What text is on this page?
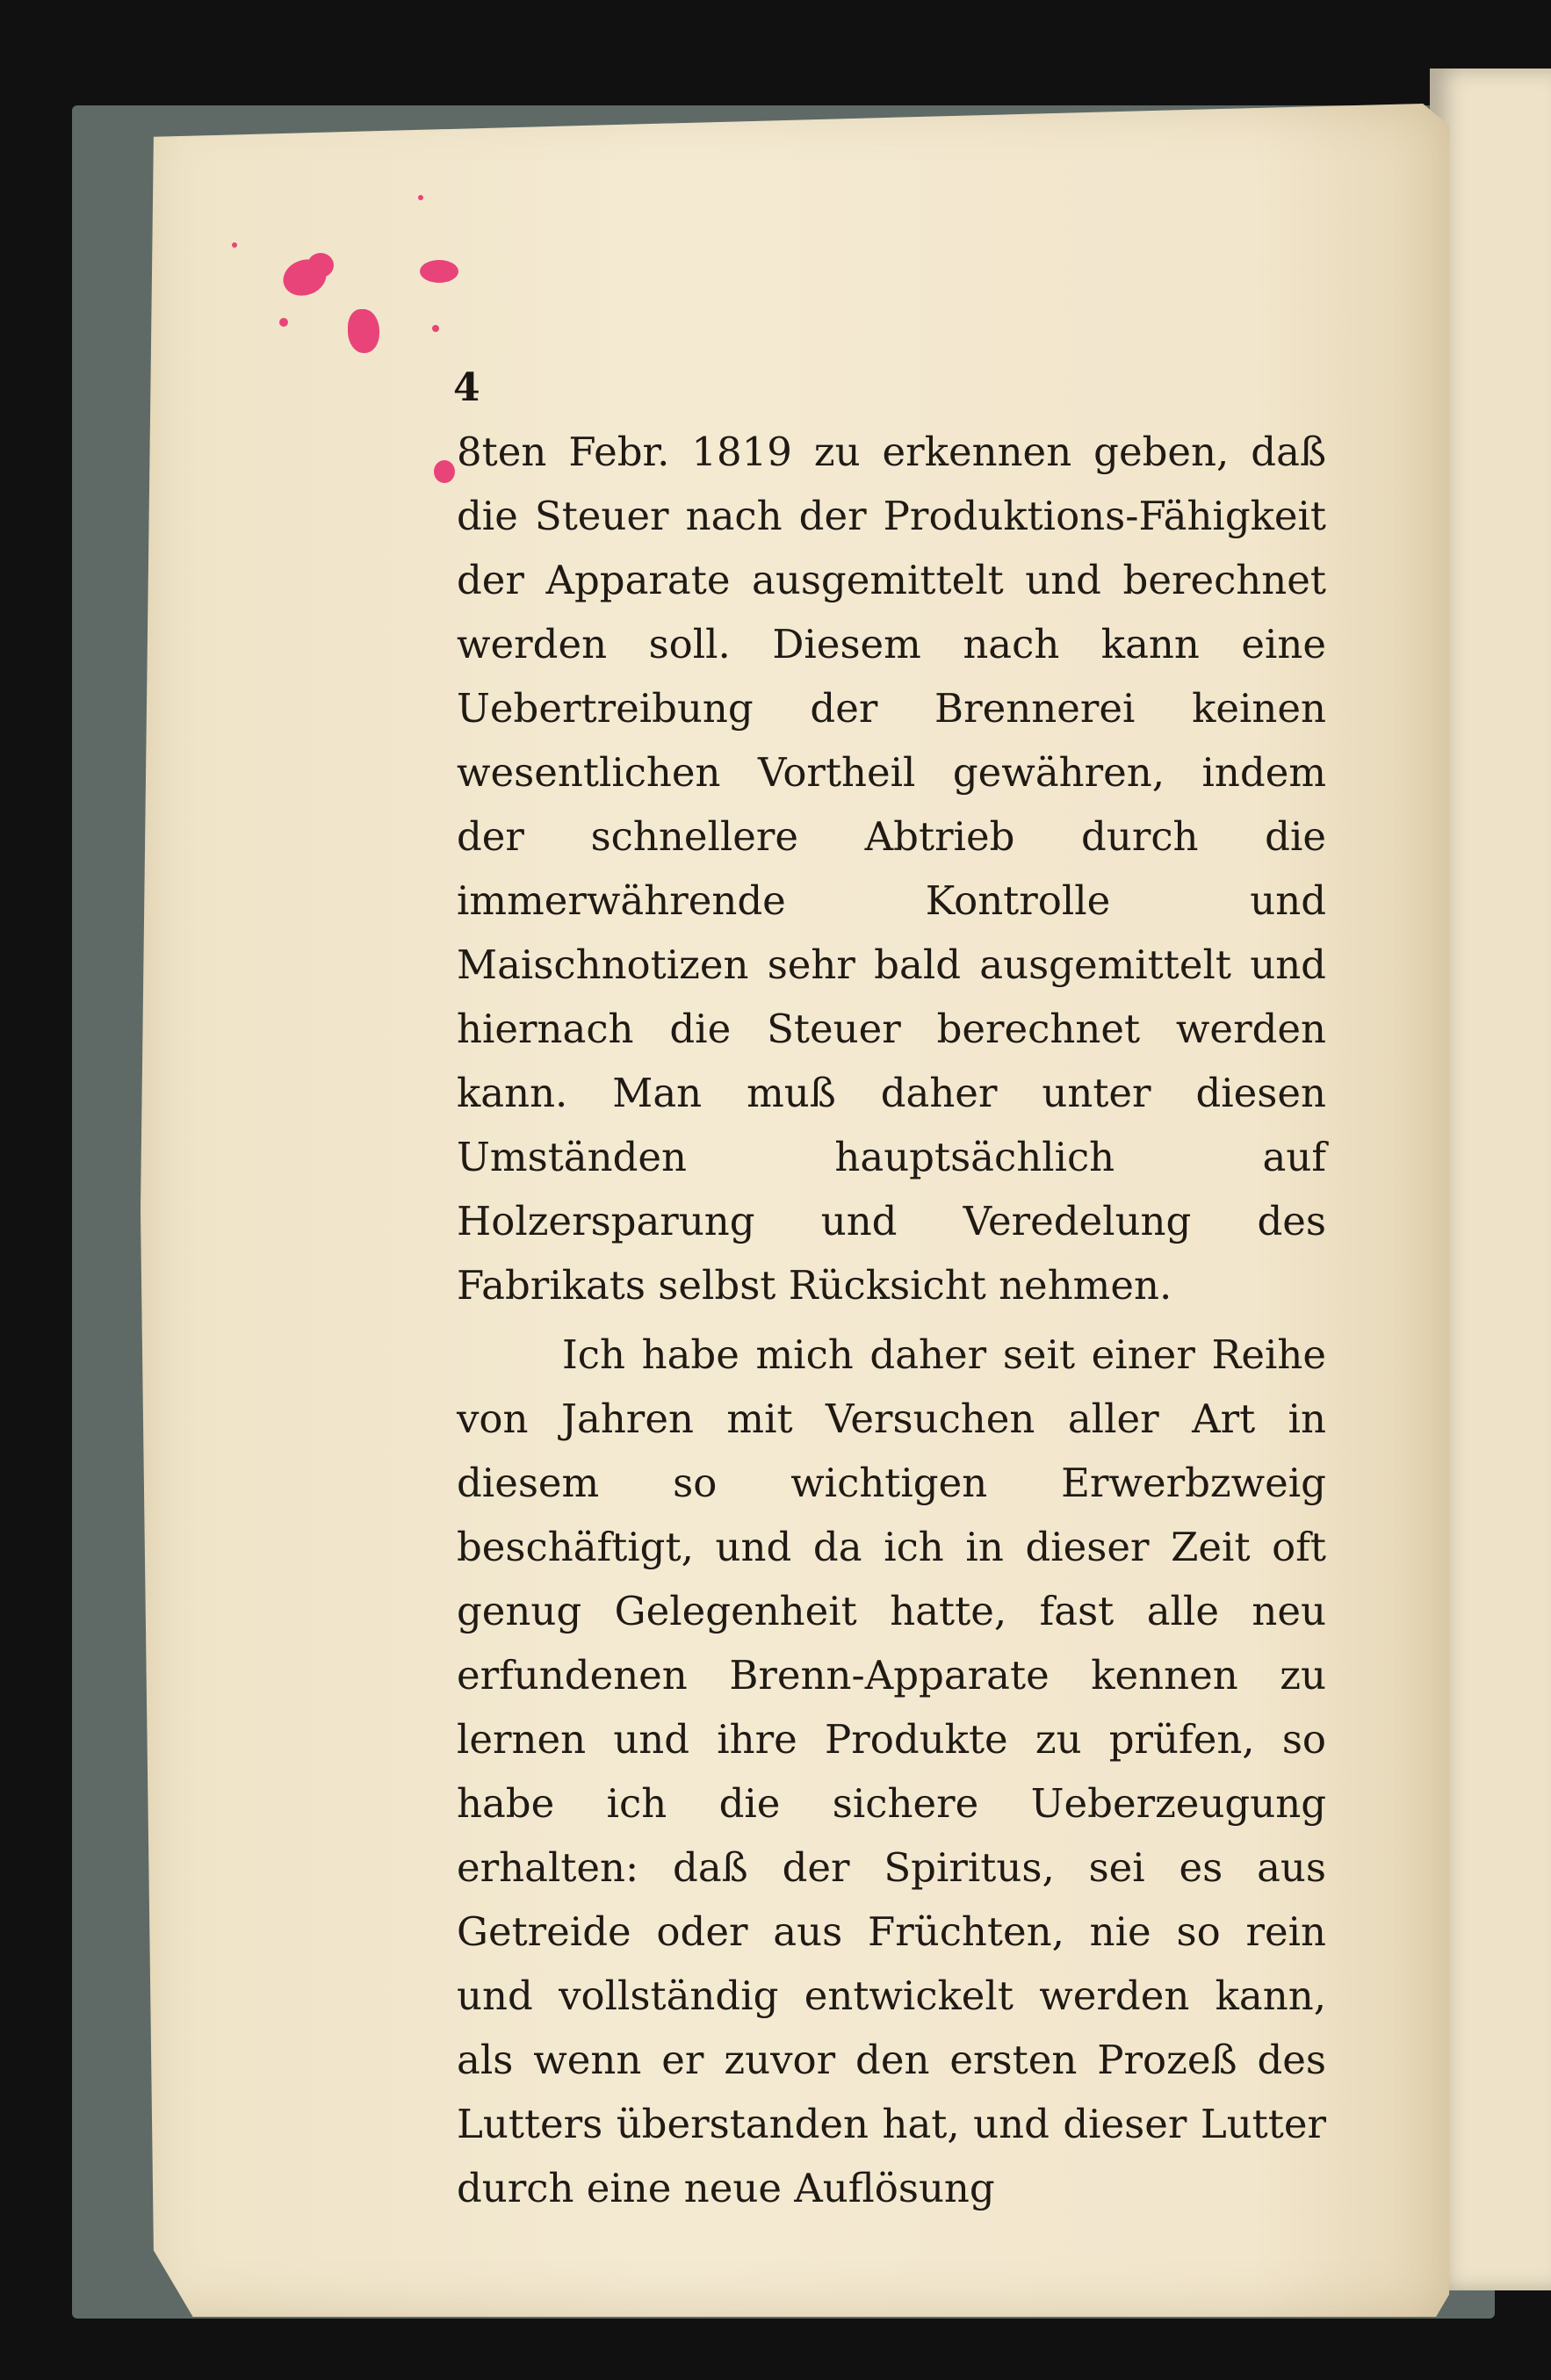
4

8ten Febr. 1819 zu erkennen geben, daß die Steuer nach der Produktions-Fähigkeit der Apparate ausgemittelt und berechnet werden soll. Diesem nach kann eine Uebertreibung der Brennerei keinen wesentlichen Vortheil gewähren, indem der schnellere Abtrieb durch die immerwährende Kontrolle und Maischnotizen sehr bald ausgemittelt und hiernach die Steuer berechnet werden kann. Man muß daher unter diesen Umständen hauptsächlich auf Holzersparung und Veredelung des Fabrikats selbst Rücksicht nehmen.

Ich habe mich daher seit einer Reihe von Jahren mit Versuchen aller Art in diesem so wichtigen Erwerbzweig beschäftigt, und da ich in dieser Zeit oft genug Gelegenheit hatte, fast alle neu erfundenen Brenn-Apparate kennen zu lernen und ihre Produkte zu prüfen, so habe ich die sichere Ueberzeugung erhalten: daß der Spiritus, sei es aus Getreide oder aus Früchten, nie so rein und vollständig entwickelt werden kann, als wenn er zuvor den ersten Prozeß des Lutters überstanden hat, und dieser Lutter durch eine neue Auflösung
